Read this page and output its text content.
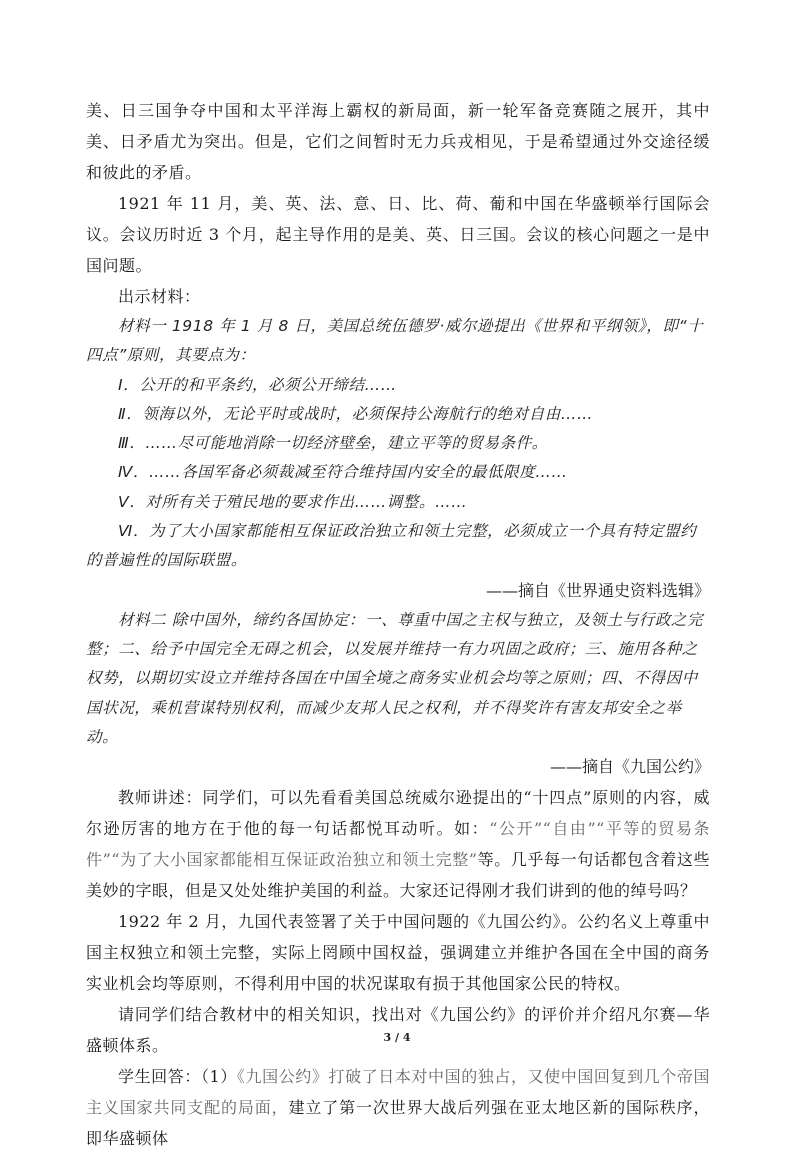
美、日三国争夺中国和太平洋海上霸权的新局面，新一轮军备竞赛随之展开，其中美、日矛盾尤为突出。但是，它们之间暂时无力兵戎相见，于是希望通过外交途径缓和彼此的矛盾。

1921 年 11 月，美、英、法、意、日、比、荷、葡和中国在华盛顿举行国际会议。会议历时近 3 个月，起主导作用的是美、英、日三国。会议的核心问题之一是中国问题。

出示材料：

材料一 1918 年 1 月 8 日，美国总统伍德罗·威尔逊提出《世界和平纲领》，即“十四点”原则，其要点为：

Ⅰ．公开的和平条约，必须公开缔结……

Ⅱ．领海以外，无论平时或战时，必须保持公海航行的绝对自由……

Ⅲ．……尽可能地消除一切经济壁垒，建立平等的贸易条件。

Ⅳ．……各国军备必须裁减至符合维持国内安全的最低限度……

Ⅴ．对所有关于殖民地的要求作出……调整。……

Ⅵ．为了大小国家都能相互保证政治独立和领土完整，必须成立一个具有特定盟约的普遍性的国际联盟。

——摘自《世界通史资料选辑》

材料二 除中国外，缔约各国协定：一、尊重中国之主权与独立，及领土与行政之完整；二、给予中国完全无碍之机会，以发展并维持一有力巩固之政府；三、施用各种之权势，以期切实设立并维持各国在中国全境之商务实业机会均等之原则；四、不得因中国状况，乘机营谋特别权利，而减少友邦人民之权利，并不得奖许有害友邦安全之举动。

——摘自《九国公约》

教师讲述：同学们，可以先看看美国总统威尔逊提出的“十四点”原则的内容，威尔逊厉害的地方在于他的每一句话都悦耳动听。如：“公开”“自由”“平等的贸易条件”“为了大小国家都能相互保证政治独立和领土完整”等。几乎每一句话都包含着这些美妙的字眼，但是又处处维护美国的利益。大家还记得刚才我们讲到的他的绰号吗？

1922 年 2 月，九国代表签署了关于中国问题的《九国公约》。公约名义上尊重中国主权独立和领土完整，实际上罔顾中国权益，强调建立并维护各国在全中国的商务实业机会均等原则，不得利用中国的状况谋取有损于其他国家公民的特权。

请同学们结合教材中的相关知识，找出对《九国公约》的评价并介绍凡尔赛—华盛顿体系。

学生回答：（1）《九国公约》打破了日本对中国的独占，又使中国回复到几个帝国主义国家共同支配的局面，建立了第一次世界大战后列强在亚太地区新的国际秩序，即华盛顿体

3 / 4
